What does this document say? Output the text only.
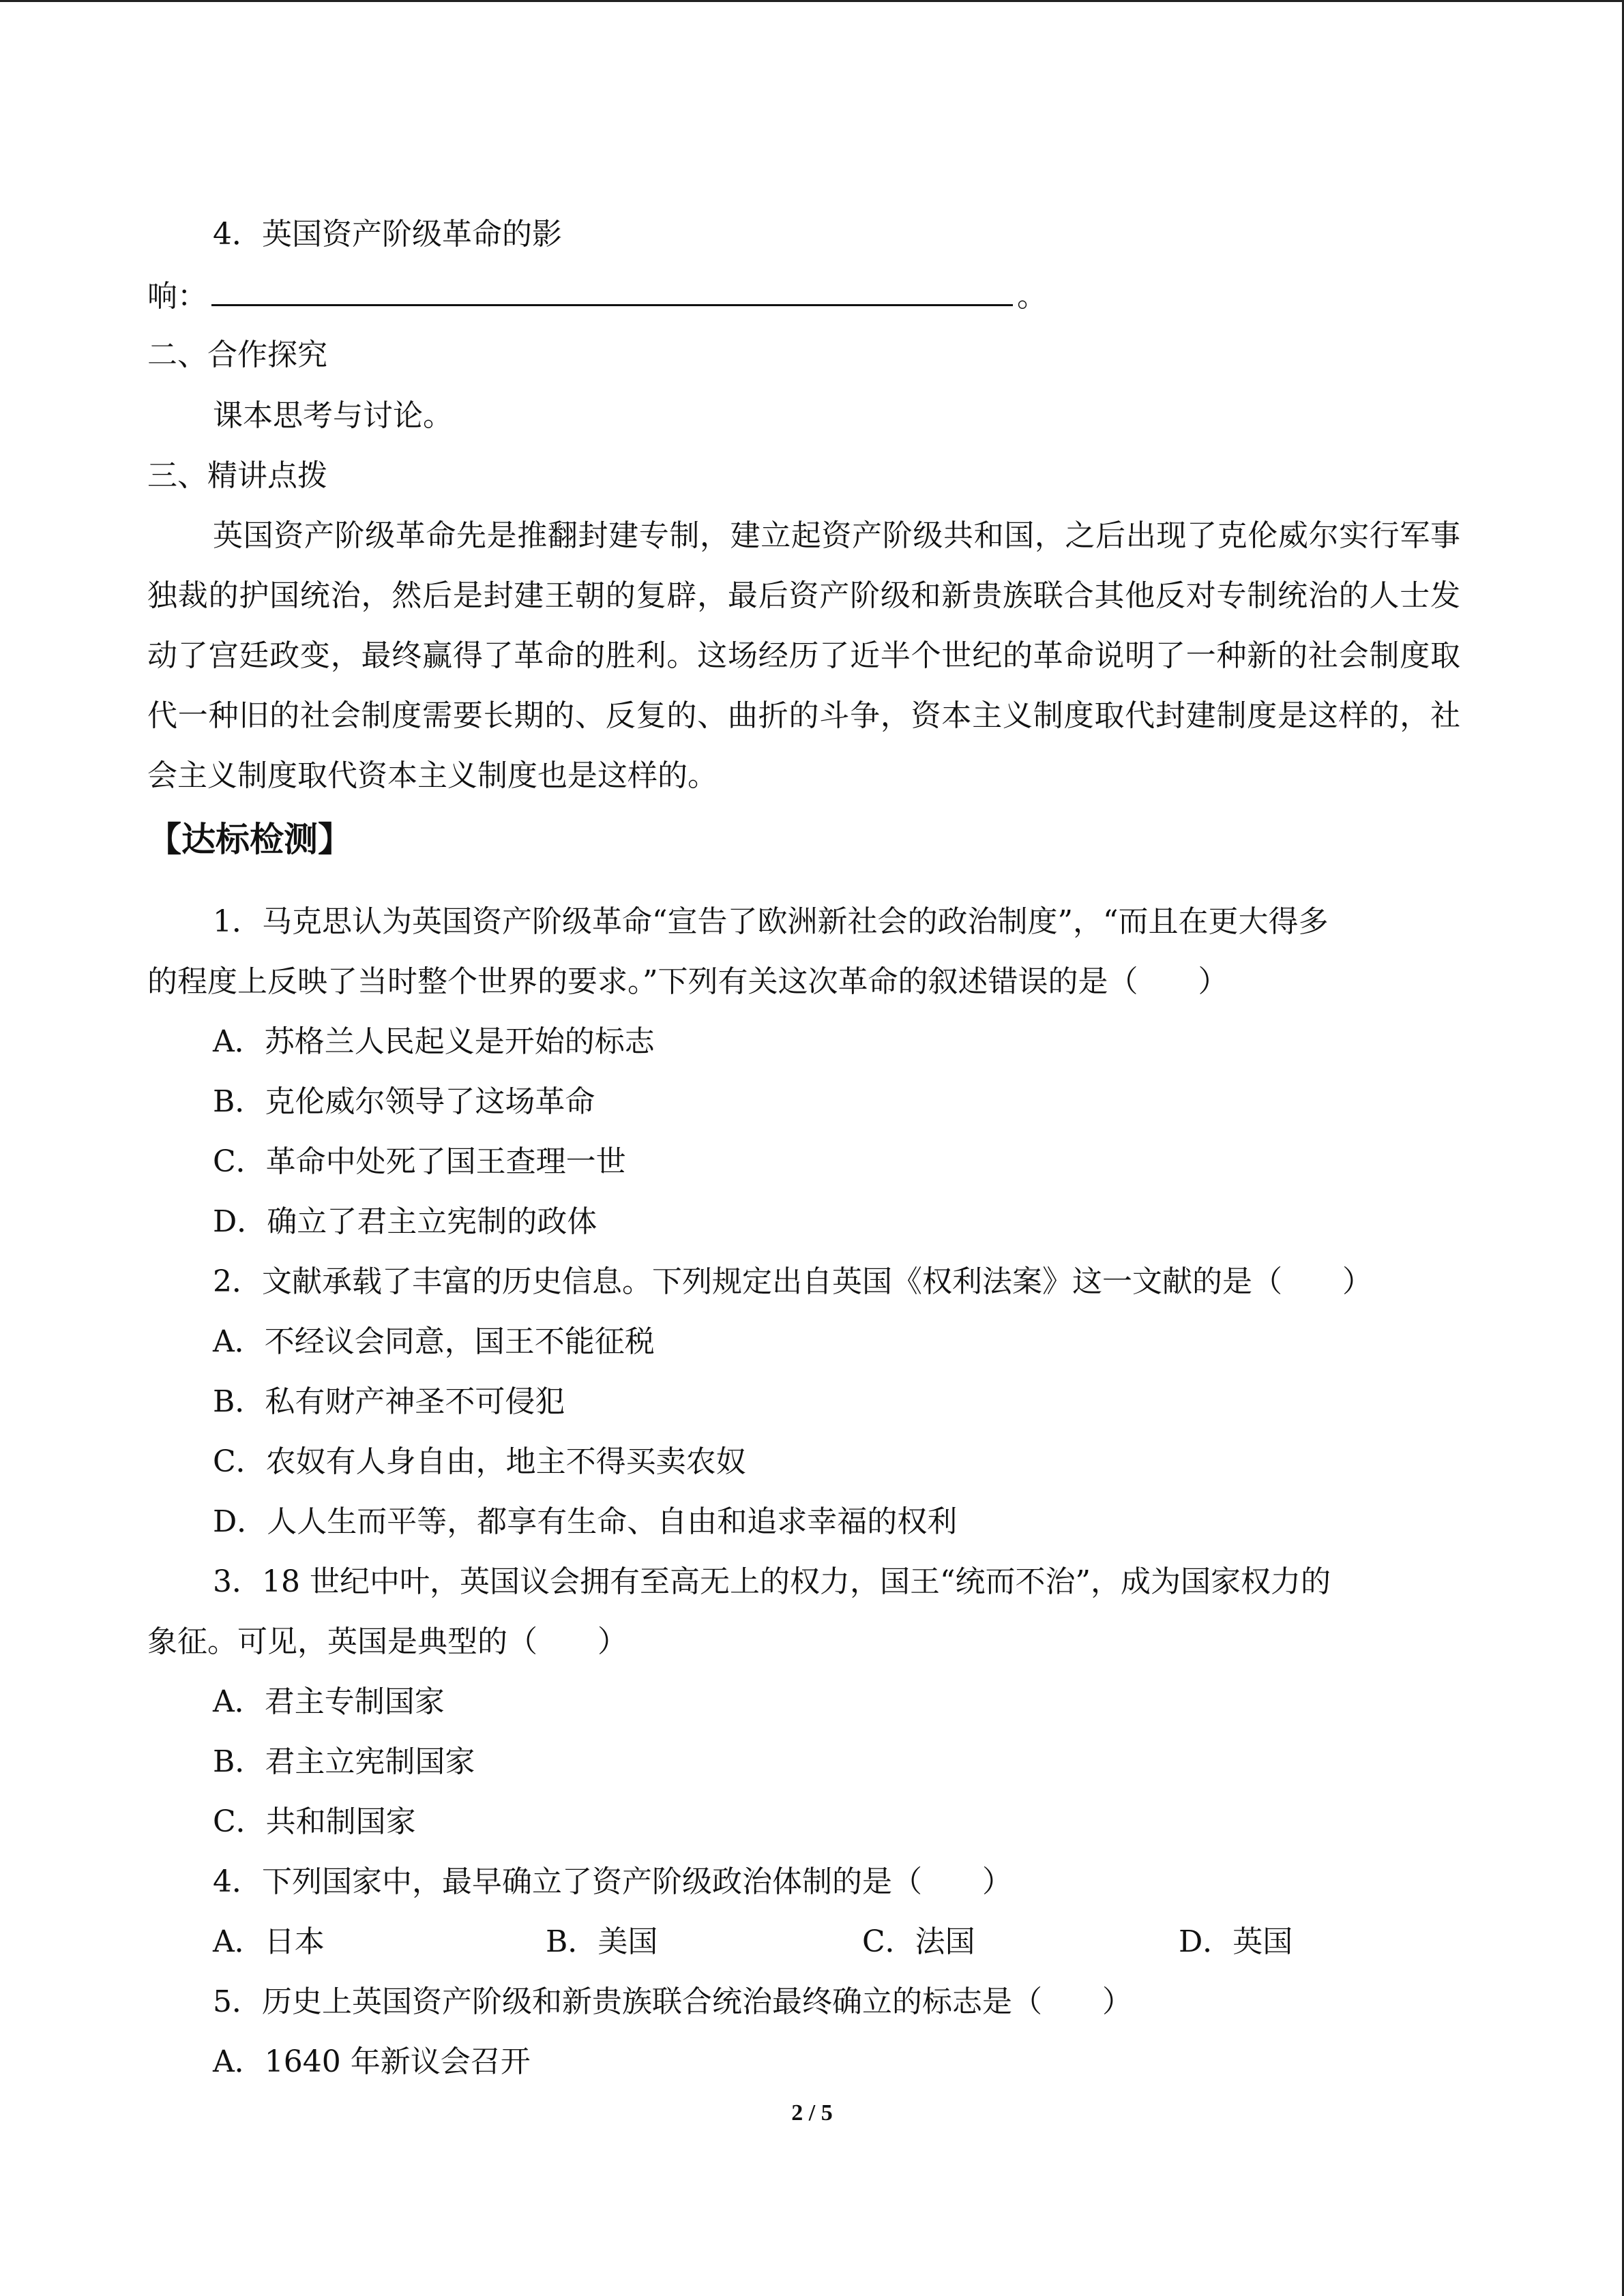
4．英国资产阶级革命的影
响：	。
二、合作探究
课本思考与讨论。
三、精讲点拨
英国资产阶级革命先是推翻封建专制，建立起资产阶级共和国，之后出现了克伦威尔实行军事独裁的护国统治，然后是封建王朝的复辟，最后资产阶级和新贵族联合其他反对专制统治的人士发动了宫廷政变，最终赢得了革命的胜利。这场经历了近半个世纪的革命说明了一种新的社会制度取代一种旧的社会制度需要长期的、反复的、曲折的斗争，资本主义制度取代封建制度是这样的，社会主义制度取代资本主义制度也是这样的。
【达标检测】
1．马克思认为英国资产阶级革命“宣告了欧洲新社会的政治制度”，“而且在更大得多
的程度上反映了当时整个世界的要求。”下列有关这次革命的叙述错误的是（　　）
A．苏格兰人民起义是开始的标志
B．克伦威尔领导了这场革命
C．革命中处死了国王查理一世
D．确立了君主立宪制的政体
2．文献承载了丰富的历史信息。下列规定出自英国《权利法案》这一文献的是（　　）
A．不经议会同意，国王不能征税
B．私有财产神圣不可侵犯
C．农奴有人身自由，地主不得买卖农奴
D．人人生而平等，都享有生命、自由和追求幸福的权利
3．18 世纪中叶，英国议会拥有至高无上的权力，国王“统而不治”，成为国家权力的
象征。可见，英国是典型的（　　）
A．君主专制国家
B．君主立宪制国家
C．共和制国家
4．下列国家中，最早确立了资产阶级政治体制的是（　　）
A．日本	B．美国	C．法国	D．英国
5．历史上英国资产阶级和新贵族联合统治最终确立的标志是（　　）
A．1640 年新议会召开
2 / 5
